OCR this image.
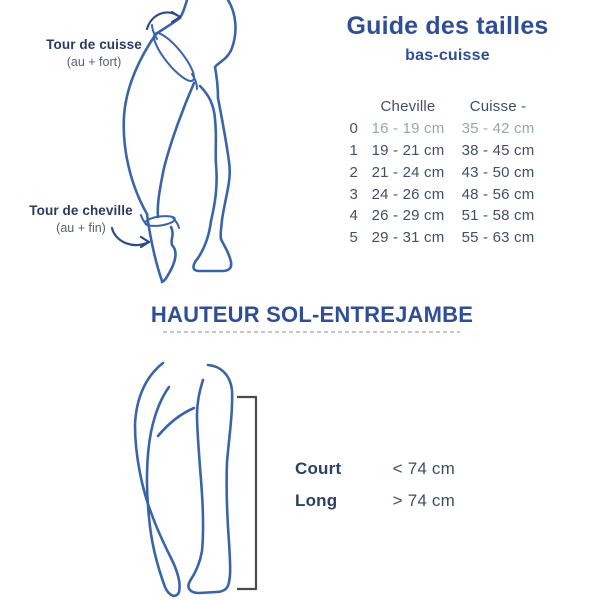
Tour de cuisse
(au + fort)
Tour de cheville
(au + fin)
Guide des tailles
bas-cuisse
Cheville	Cuisse -
0 16 - 19 cm 35 - 42 cm
1 19 - 21 cm 38 - 45 cm
2 21 - 24 cm 43 - 50 cm
3 24 - 26 cm 48 - 56 cm
4 26 - 29 cm 51 - 58 cm
5 29 - 31 cm 55 - 63 cm
HAUTEUR SOL-ENTREJAMBE
Court	< 74 cm
Long	> 74 cm
